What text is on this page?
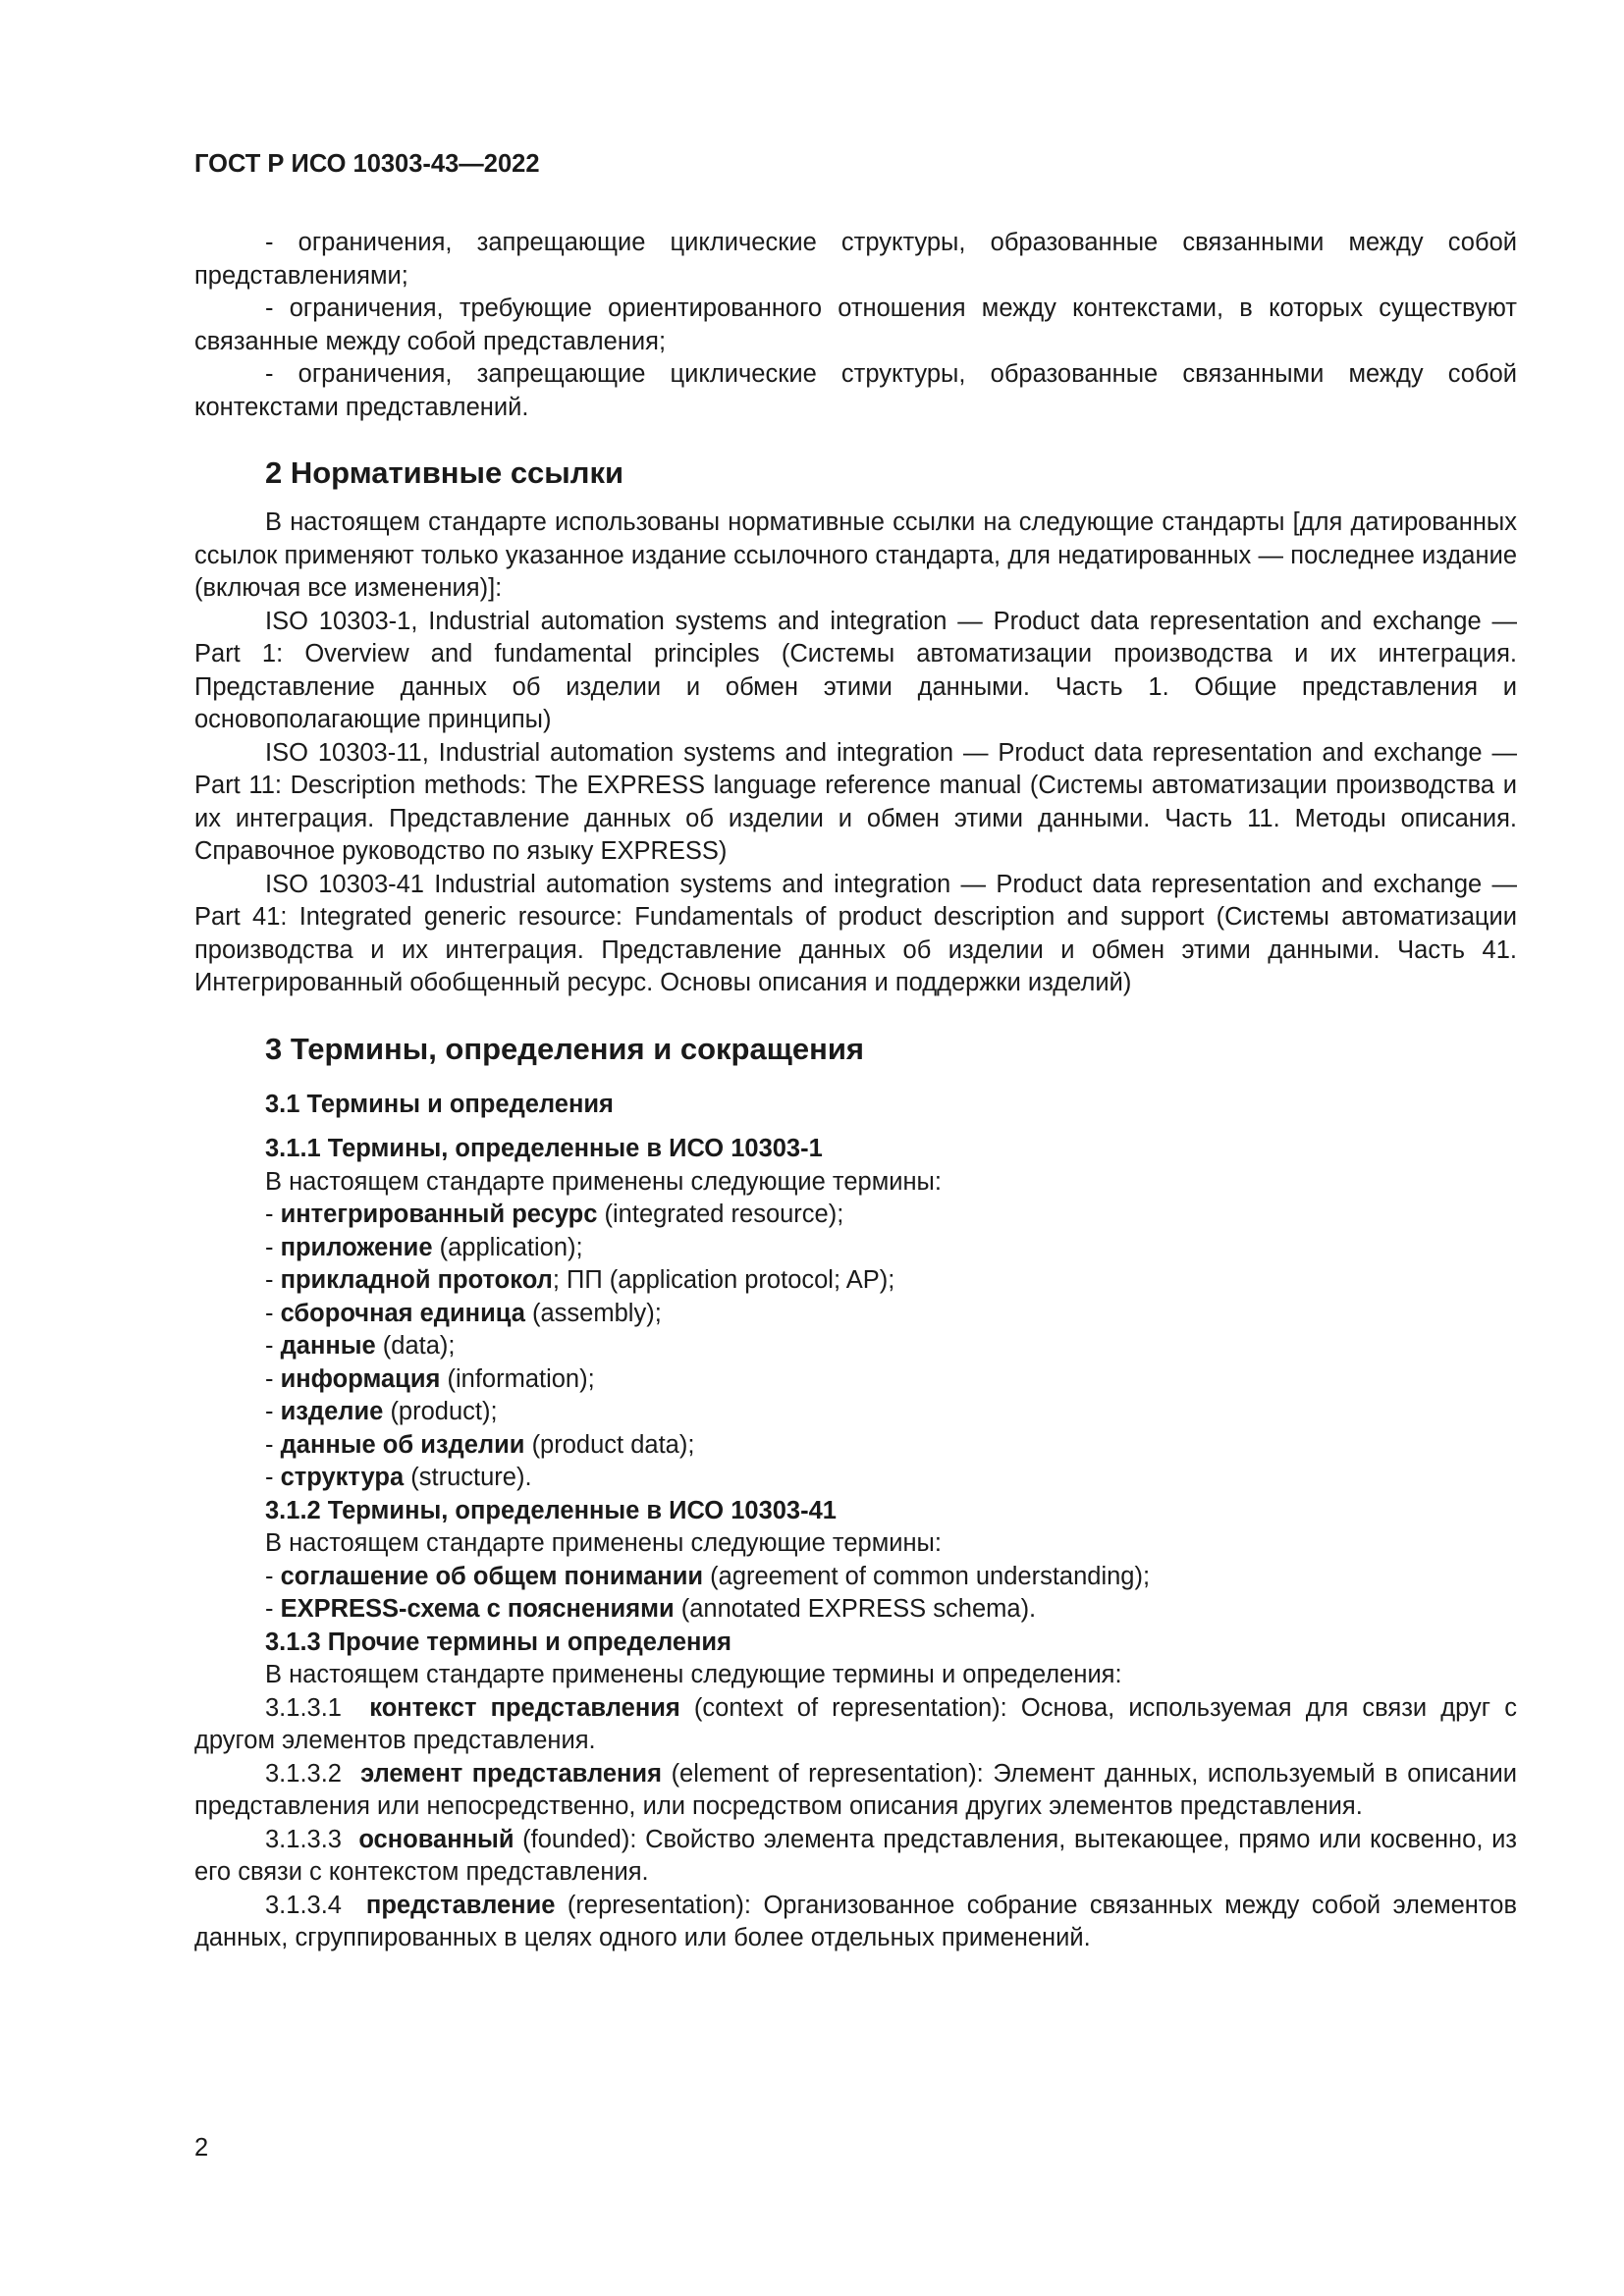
ГОСТ Р ИСО 10303-43—2022

- ограничения, запрещающие циклические структуры, образованные связанными между собой представлениями;

- ограничения, требующие ориентированного отношения между контекстами, в которых существуют связанные между собой представления;

- ограничения, запрещающие циклические структуры, образованные связанными между собой контекстами представлений.

2 Нормативные ссылки

В настоящем стандарте использованы нормативные ссылки на следующие стандарты [для датированных ссылок применяют только указанное издание ссылочного стандарта, для недатированных — последнее издание (включая все изменения)]:

ISO 10303-1, Industrial automation systems and integration — Product data representation and exchange — Part 1: Overview and fundamental principles (Системы автоматизации производства и их интеграция. Представление данных об изделии и обмен этими данными. Часть 1. Общие представления и основополагающие принципы)

ISO 10303-11, Industrial automation systems and integration — Product data representation and exchange — Part 11: Description methods: The EXPRESS language reference manual (Системы автоматизации производства и их интеграция. Представление данных об изделии и обмен этими данными. Часть 11. Методы описания. Справочное руководство по языку EXPRESS)

ISO 10303-41 Industrial automation systems and integration — Product data representation and exchange — Part 41: Integrated generic resource: Fundamentals of product description and support (Системы автоматизации производства и их интеграция. Представление данных об изделии и обмен этими данными. Часть 41. Интегрированный обобщенный ресурс. Основы описания и поддержки изделий)

3 Термины, определения и сокращения
3.1 Термины и определения
3.1.1 Термины, определенные в ИСО 10303-1
В настоящем стандарте применены следующие термины:
- интегрированный ресурс (integrated resource);
- приложение (application);
- прикладной протокол; ПП (application protocol; AP);
- сборочная единица (assembly);
- данные (data);
- информация (information);
- изделие (product);
- данные об изделии (product data);
- структура (structure).
3.1.2 Термины, определенные в ИСО 10303-41
В настоящем стандарте применены следующие термины:
- соглашение об общем понимании (agreement of common understanding);
- EXPRESS-схема с пояснениями (annotated EXPRESS schema).
3.1.3 Прочие термины и определения
В настоящем стандарте применены следующие термины и определения:

3.1.3.1 контекст представления (context of representation): Основа, используемая для связи друг с другом элементов представления.

3.1.3.2 элемент представления (element of representation): Элемент данных, используемый в описании представления или непосредственно, или посредством описания других элементов представления.

3.1.3.3 основанный (founded): Свойство элемента представления, вытекающее, прямо или косвенно, из его связи с контекстом представления.

3.1.3.4 представление (representation): Организованное собрание связанных между собой элементов данных, сгруппированных в целях одного или более отдельных применений.

2
